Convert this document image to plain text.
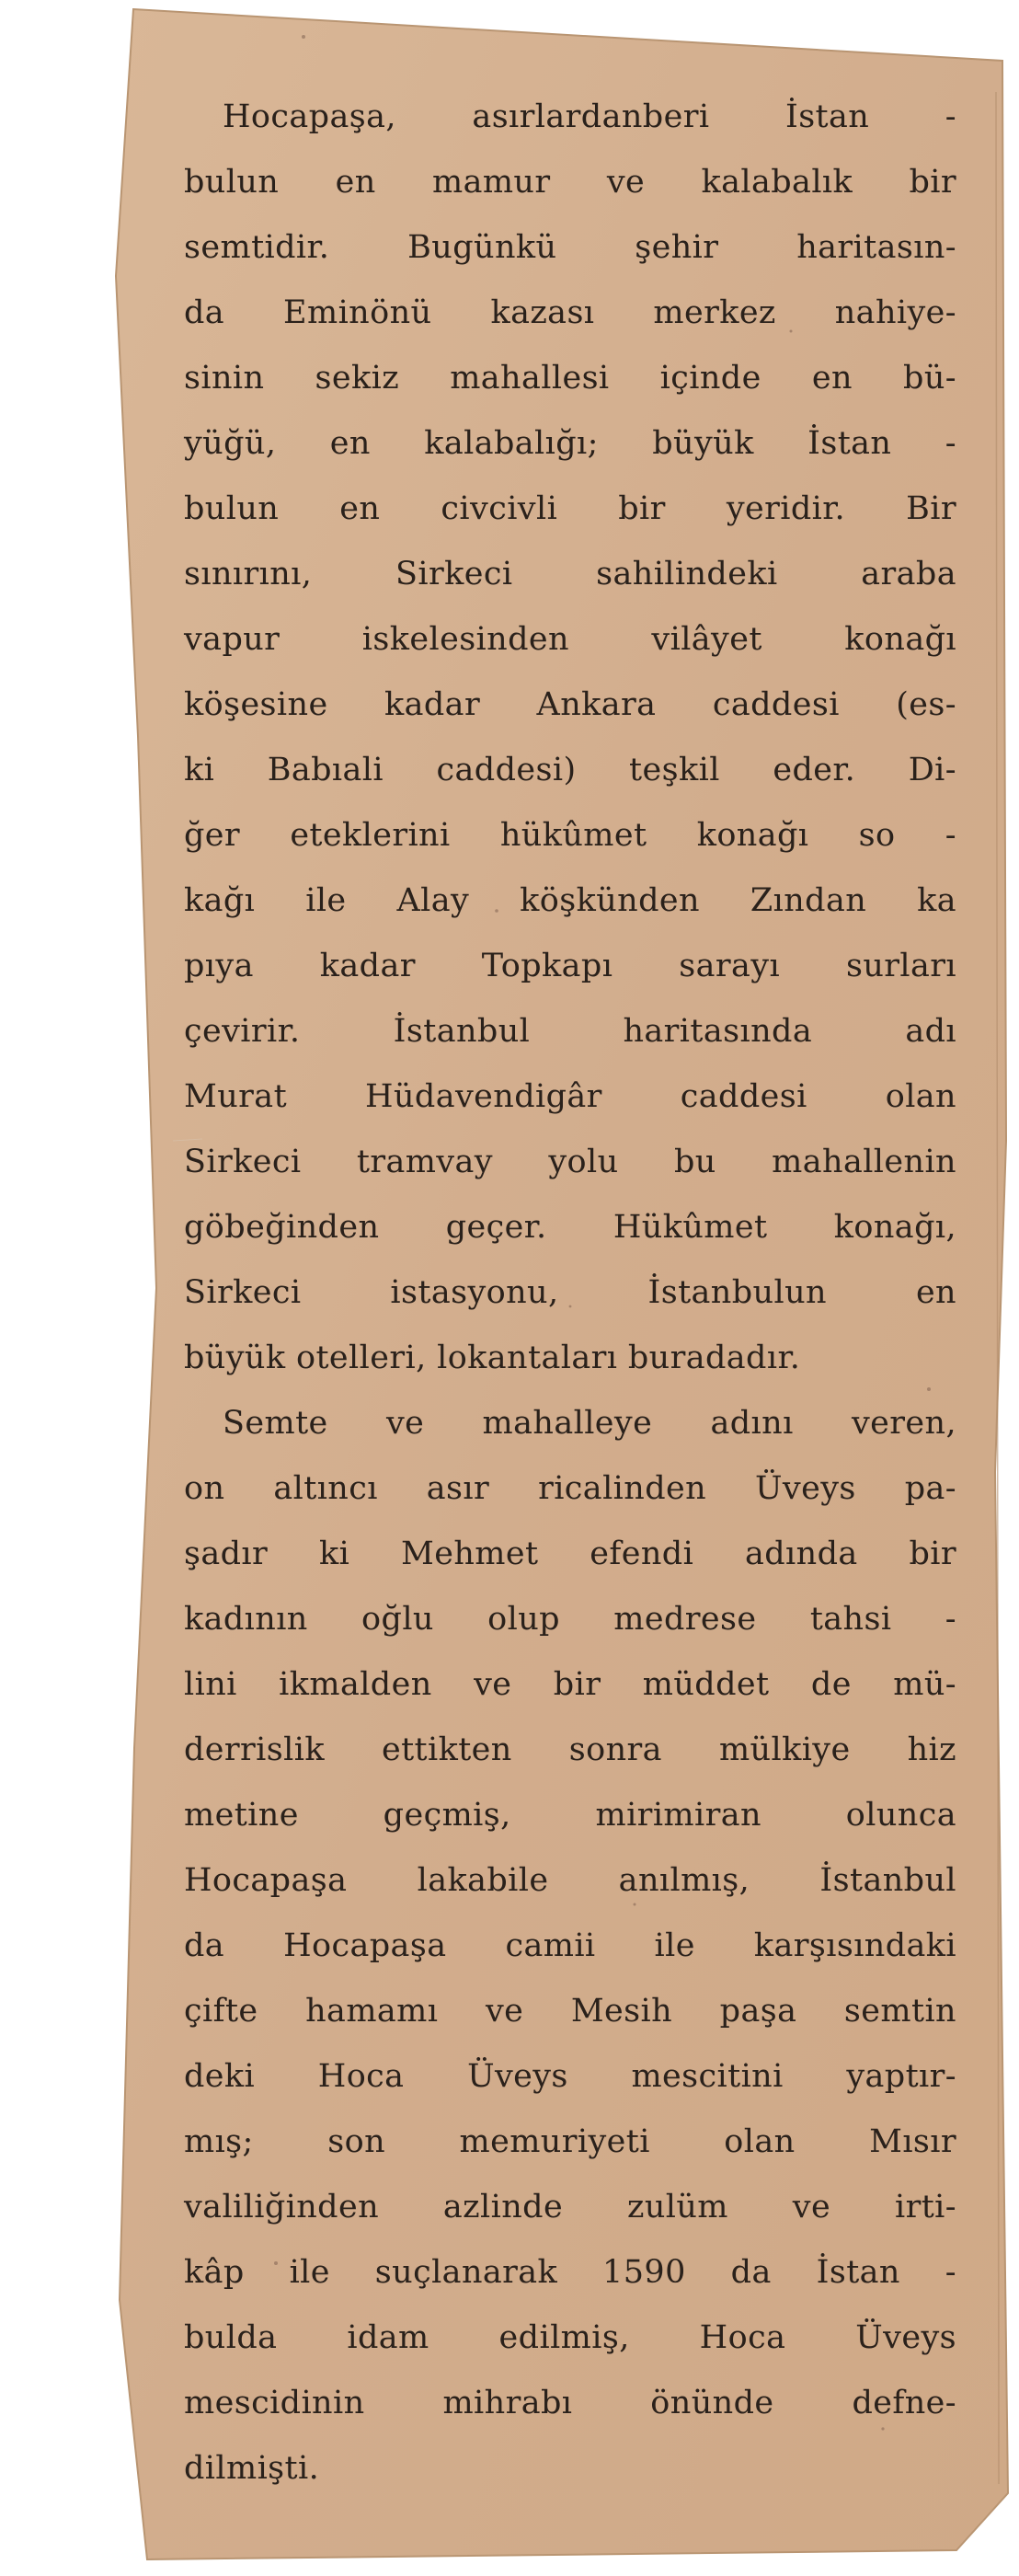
Hocapaşa, asırlardanberi İstan -
bulun en mamur ve kalabalık bir
semtidir. Bugünkü şehir haritasın-
da Eminönü kazası merkez nahiye-
sinin sekiz mahallesi içinde en bü-
yüğü, en kalabalığı; büyük İstan -
bulun en civcivli bir yeridir. Bir
sınırını, Sirkeci sahilindeki araba
vapur iskelesinden vilâyet konağı
köşesine kadar Ankara caddesi (es-
ki Babıali caddesi) teşkil eder. Di-
ğer eteklerini hükûmet konağı so -
kağı ile Alay köşkünden Zından ka
pıya kadar Topkapı sarayı surları
çevirir. İstanbul haritasında adı
Murat Hüdavendigâr caddesi olan
Sirkeci tramvay yolu bu mahallenin
göbeğinden geçer. Hükûmet konağı,
Sirkeci istasyonu, İstanbulun en
büyük otelleri, lokantaları buradadır.
Semte ve mahalleye adını veren,
on altıncı asır ricalinden Üveys pa-
şadır ki Mehmet efendi adında bir
kadının oğlu olup medrese tahsi -
lini ikmalden ve bir müddet de mü-
derrislik ettikten sonra mülkiye hiz
metine geçmiş, mirimiran olunca
Hocapaşa lakabile anılmış, İstanbul
da Hocapaşa camii ile karşısındaki
çifte hamamı ve Mesih paşa semtin
deki Hoca Üveys mescitini yaptır-
mış; son memuriyeti olan Mısır
valiliğinden azlinde zulüm ve irti-
kâp ile suçlanarak 1590 da İstan -
bulda idam edilmiş, Hoca Üveys
mescidinin mihrabı önünde defne-
dilmişti.
